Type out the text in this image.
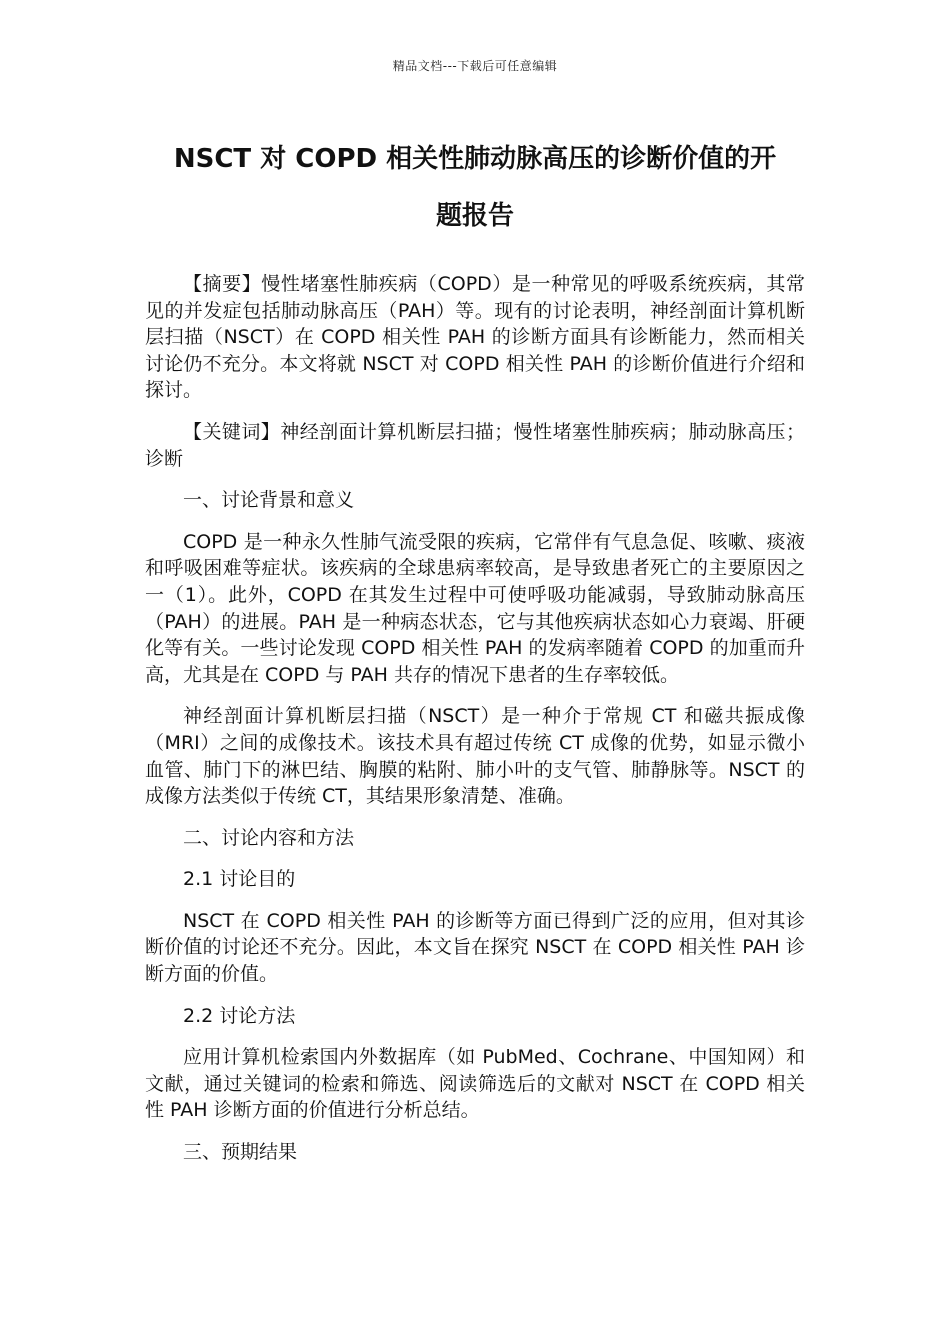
精品文档---下载后可任意编辑
NSCT 对 COPD 相关性肺动脉高压的诊断价值的开
题报告

【摘要】慢性堵塞性肺疾病（COPD）是一种常见的呼吸系统疾病，其常见的并发症包括肺动脉高压（PAH）等。现有的讨论表明，神经剖面计算机断层扫描（NSCT）在 COPD 相关性 PAH 的诊断方面具有诊断能力，然而相关讨论仍不充分。本文将就 NSCT 对 COPD 相关性 PAH 的诊断价值进行介绍和探讨。

【关键词】神经剖面计算机断层扫描；慢性堵塞性肺疾病；肺动脉高压；诊断

一、讨论背景和意义

COPD 是一种永久性肺气流受限的疾病，它常伴有气息急促、咳嗽、痰液和呼吸困难等症状。该疾病的全球患病率较高，是导致患者死亡的主要原因之一（1）。此外，COPD 在其发生过程中可使呼吸功能减弱，导致肺动脉高压（PAH）的进展。PAH 是一种病态状态，它与其他疾病状态如心力衰竭、肝硬化等有关。一些讨论发现 COPD 相关性 PAH 的发病率随着 COPD 的加重而升高，尤其是在 COPD 与 PAH 共存的情况下患者的生存率较低。

神经剖面计算机断层扫描（NSCT）是一种介于常规 CT 和磁共振成像（MRI）之间的成像技术。该技术具有超过传统 CT 成像的优势，如显示微小血管、肺门下的淋巴结、胸膜的粘附、肺小叶的支气管、肺静脉等。NSCT 的成像方法类似于传统 CT，其结果形象清楚、准确。

二、讨论内容和方法

2.1 讨论目的

NSCT 在 COPD 相关性 PAH 的诊断等方面已得到广泛的应用，但对其诊断价值的讨论还不充分。因此，本文旨在探究 NSCT 在 COPD 相关性 PAH 诊断方面的价值。

2.2 讨论方法

应用计算机检索国内外数据库（如 PubMed、Cochrane、中国知网）和文献，通过关键词的检索和筛选、阅读筛选后的文献对 NSCT 在 COPD 相关性 PAH 诊断方面的价值进行分析总结。

三、预期结果
